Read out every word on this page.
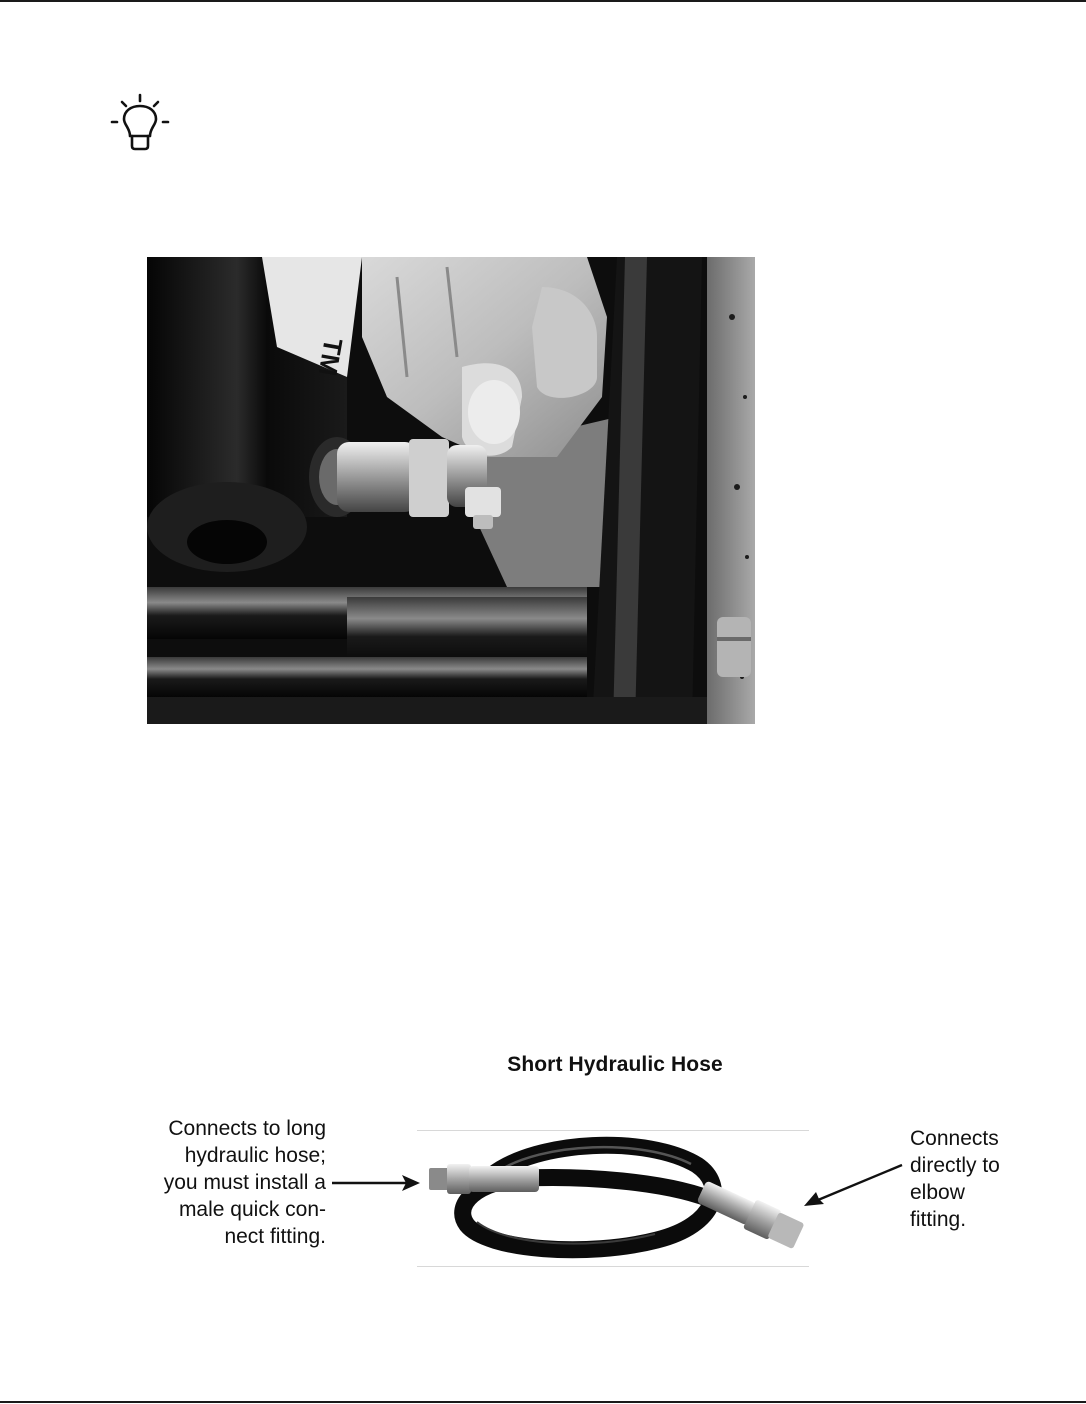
TM
Short Hydraulic Hose
Connects to long
hydraulic hose;
you must install a
male quick con-
nect fitting.
Connects
directly to
elbow
fitting.
